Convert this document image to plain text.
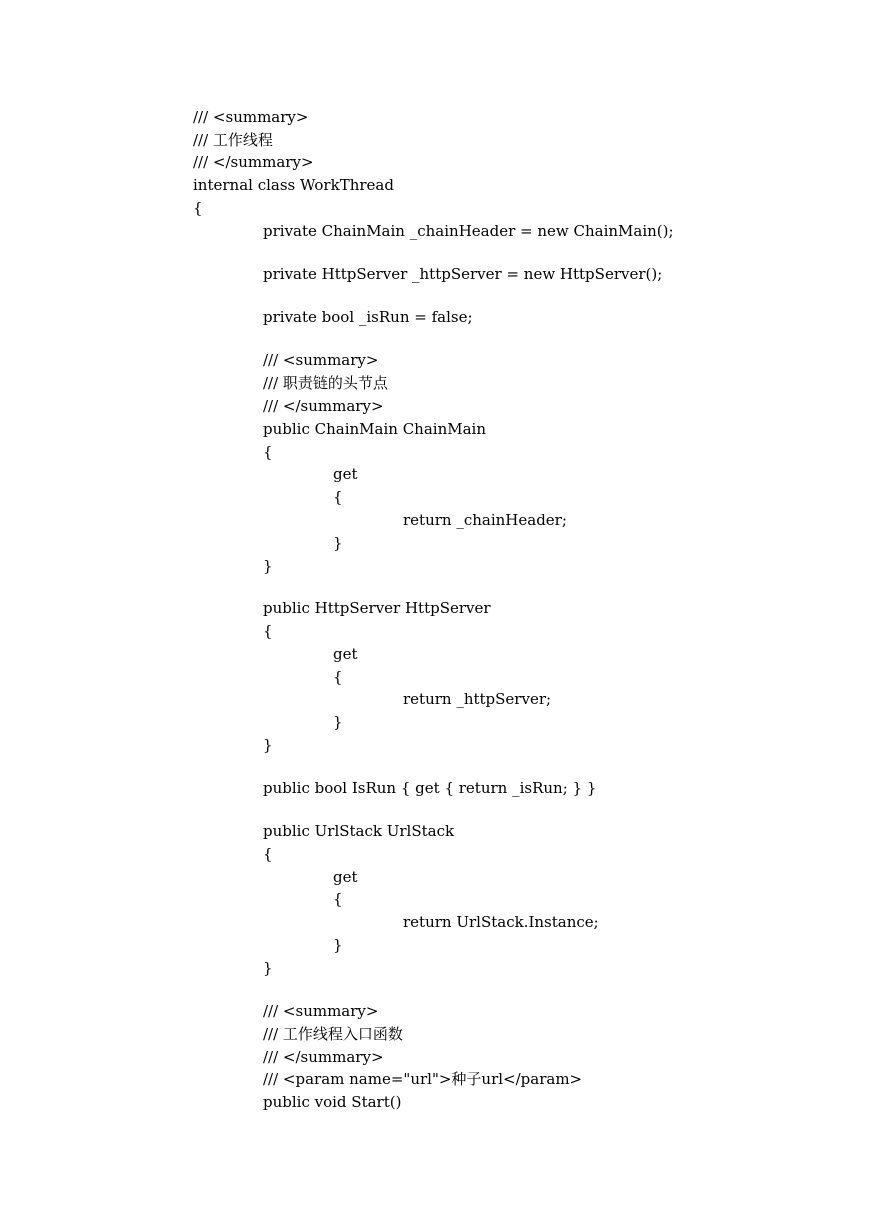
/// <summary>
/// 工作线程
/// </summary>
internal class WorkThread
{
private ChainMain _chainHeader = new ChainMain();
private HttpServer _httpServer = new HttpServer();
private bool _isRun = false;
/// <summary>
/// 职责链的头节点
/// </summary>
public ChainMain ChainMain
{
get
{
return _chainHeader;
}
}
public HttpServer HttpServer
{
get
{
return _httpServer;
}
}
public bool IsRun { get { return _isRun; } }
public UrlStack UrlStack
{
get
{
return UrlStack.Instance;
}
}
/// <summary>
/// 工作线程入口函数
/// </summary>
/// <param name="url">种子url</param>
public void Start()
